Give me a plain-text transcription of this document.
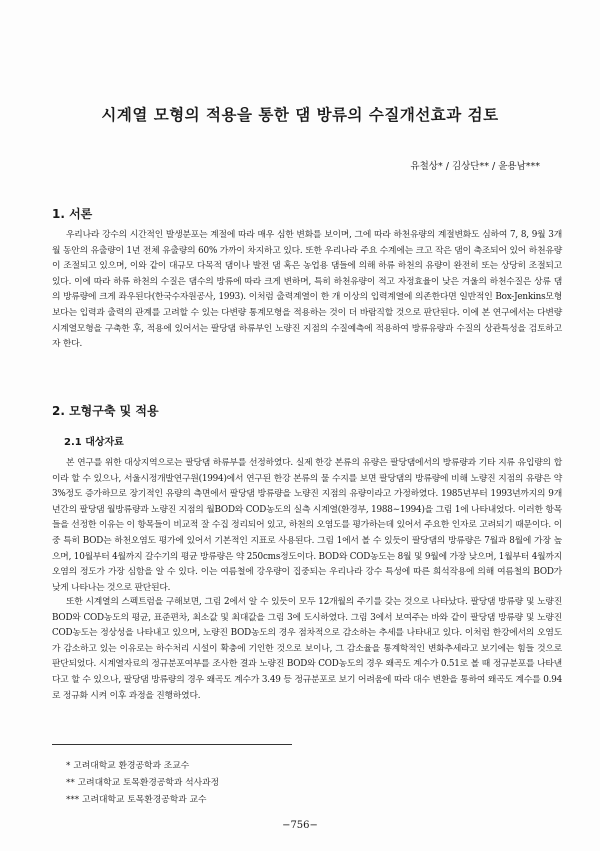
시계열 모형의 적용을 통한 댐 방류의 수질개선효과 검토
유철상* / 김상단** / 윤용남***
1. 서론

우리나라 강수의 시간적인 발생분포는 계절에 따라 매우 심한 변화를 보이며, 그에 따라 하천유량의 계절변화도 심하여 7, 8, 9월 3개월 동안의 유출량이 1년 전체 유출량의 60% 가까이 차지하고 있다. 또한 우리나라 주요 수계에는 크고 작은 댐이 축조되어 있어 하천유량이 조절되고 있으며, 이와 같이 대규모 다목적 댐이나 발전 댐 혹은 농업용 댐들에 의해 하류 하천의 유량이 완전히 또는 상당히 조절되고 있다. 이에 따라 하류 하천의 수질은 댐수의 방류에 따라 크게 변하며, 특히 하천유량이 적고 자정효율이 낮은 겨울의 하천수질은 상류 댐의 방류량에 크게 좌우된다(한국수자원공사, 1993). 이처럼 출력계열이 한 개 이상의 입력계열에 의존한다면 일반적인 Box-Jenkins모형보다는 입력과 출력의 관계를 고려할 수 있는 다변량 통계모형을 적용하는 것이 더 바람직할 것으로 판단된다. 이에 본 연구에서는 다변량 시계열모형을 구축한 후, 적용에 있어서는 팔당댐 하류부인 노량진 지점의 수질예측에 적용하여 방류유량과 수질의 상관특성을 검토하고자 한다.

2. 모형구축 및 적용
2.1 대상자료

본 연구를 위한 대상지역으로는 팔당댐 하류부를 선정하였다. 실제 한강 본류의 유량은 팔당댐에서의 방류량과 기타 지류 유입량의 합이라 할 수 있으나, 서울시정개발연구원(1994)에서 연구된 한강 본류의 물 수지를 보면 팔당댐의 방류량에 비해 노량진 지점의 유량은 약 3%정도 증가하므로 장기적인 유량의 측면에서 팔당댐 방류량을 노량진 지점의 유량이라고 가정하였다. 1985년부터 1993년까지의 9개년간의 팔당댐 월방류량과 노량진 지점의 월BOD와 COD농도의 실측 시계열(환경부, 1988∼1994)을 그림 1에 나타내었다. 이러한 항목들을 선정한 이유는 이 항목들이 비교적 잘 수집 정리되어 있고, 하천의 오염도를 평가하는데 있어서 주요한 인자로 고려되기 때문이다. 이중 특히 BOD는 하천오염도 평가에 있어서 기본적인 지표로 사용된다. 그림 1에서 볼 수 있듯이 팔당댐의 방류량은 7월과 8월에 가장 높으며, 10월부터 4월까지 갈수기의 평균 방류량은 약 250cms정도이다. BOD와 COD농도는 8월 및 9월에 가장 낮으며, 1월부터 4월까지 오염의 정도가 가장 심함을 알 수 있다. 이는 여름철에 강우량이 집중되는 우리나라 강수 특성에 따른 희석작용에 의해 여름철의 BOD가 낮게 나타나는 것으로 판단된다.

또한 시계열의 스펙트럼을 구해보면, 그림 2에서 알 수 있듯이 모두 12개월의 주기를 갖는 것으로 나타났다. 팔당댐 방류량 및 노량진 BOD와 COD농도의 평균, 표준편차, 최소값 및 최대값을 그림 3에 도시하였다. 그림 3에서 보여주는 바와 같이 팔당댐 방류량 및 노량진 COD농도는 정상성을 나타내고 있으며, 노량진 BOD농도의 경우 점차적으로 감소하는 추세를 나타내고 있다. 이처럼 한강에서의 오염도가 감소하고 있는 이유로는 하수처리 시설이 확충에 기인한 것으로 보이나, 그 감소율을 통계학적인 변화추세라고 보기에는 힘들 것으로 판단되었다. 시계열자료의 정규분포여부를 조사한 결과 노량진 BOD와 COD농도의 경우 왜곡도 계수가 0.51로 볼 때 정규분포를 나타낸다고 할 수 있으나, 팔당댐 방류량의 경우 왜곡도 계수가 3.49 등 정규분포로 보기 어려움에 따라 대수 변환을 통하여 왜곡도 계수를 0.94로 정규화 시켜 이후 과정을 진행하였다.

* 고려대학교 환경공학과 조교수
** 고려대학교 토목환경공학과 석사과정
*** 고려대학교 토목환경공학과 교수
−756−
